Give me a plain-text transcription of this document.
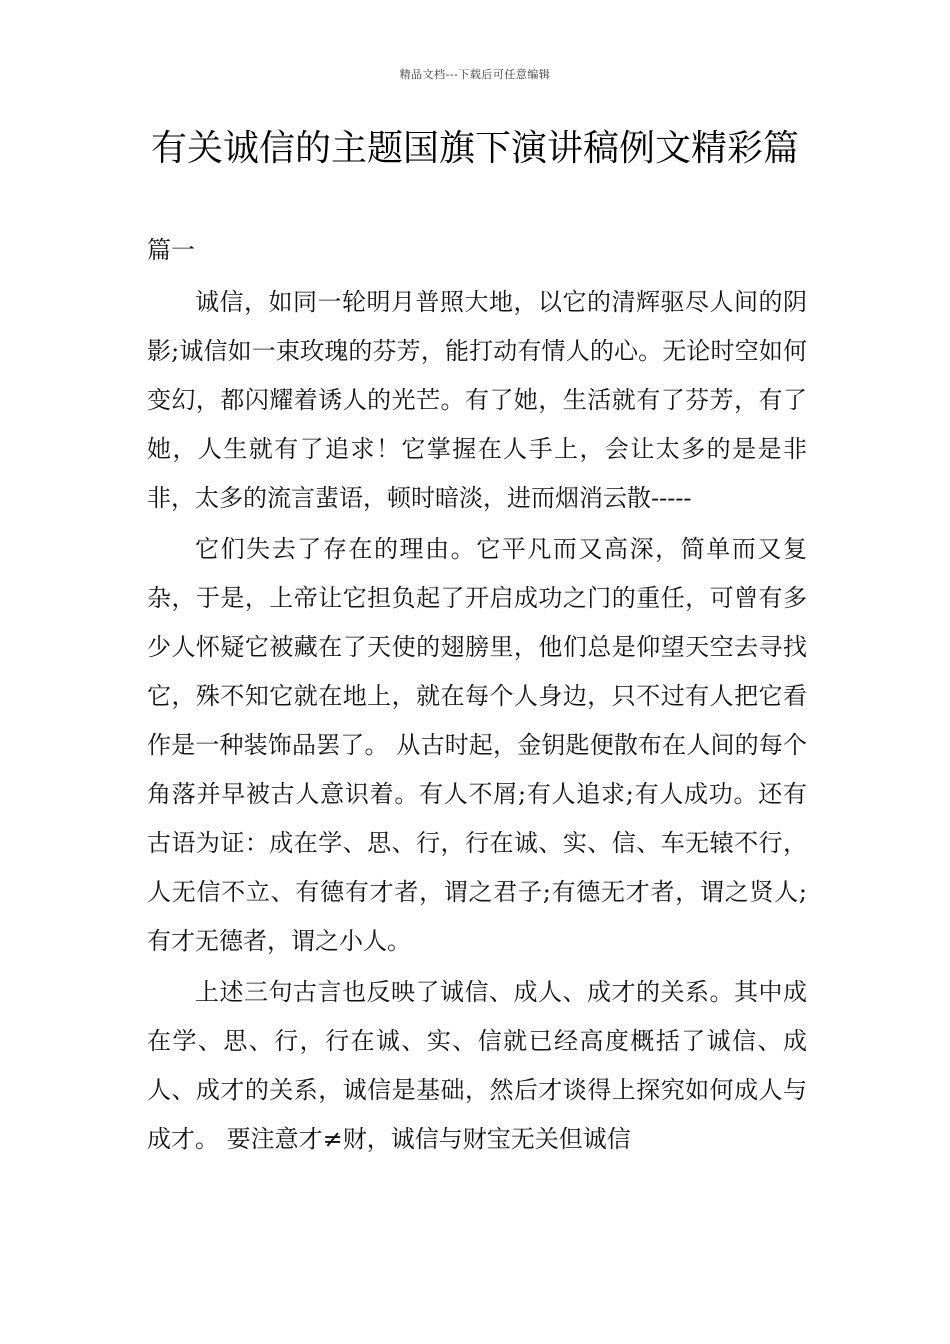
精品文档---下载后可任意编辑
有关诚信的主题国旗下演讲稿例文精彩篇
篇一

诚信，如同一轮明月普照大地，以它的清辉驱尽人间的阴影;诚信如一束玫瑰的芬芳，能打动有情人的心。无论时空如何变幻，都闪耀着诱人的光芒。有了她，生活就有了芬芳，有了她，人生就有了追求！它掌握在人手上，会让太多的是是非非，太多的流言蜚语，顿时暗淡，进而烟消云散-----

它们失去了存在的理由。它平凡而又高深，简单而又复杂，于是，上帝让它担负起了开启成功之门的重任，可曾有多少人怀疑它被藏在了天使的翅膀里，他们总是仰望天空去寻找它，殊不知它就在地上，就在每个人身边，只不过有人把它看作是一种装饰品罢了。 从古时起，金钥匙便散布在人间的每个角落并早被古人意识着。有人不屑;有人追求;有人成功。还有古语为证：成在学、思、行，行在诚、实、信、车无辕不行，人无信不立、有德有才者，谓之君子;有德无才者，谓之贤人;有才无德者，谓之小人。

上述三句古言也反映了诚信、成人、成才的关系。其中成在学、思、行，行在诚、实、信就已经高度概括了诚信、成人、成才的关系，诚信是基础，然后才谈得上探究如何成人与成才。 要注意才≠财，诚信与财宝无关但诚信
